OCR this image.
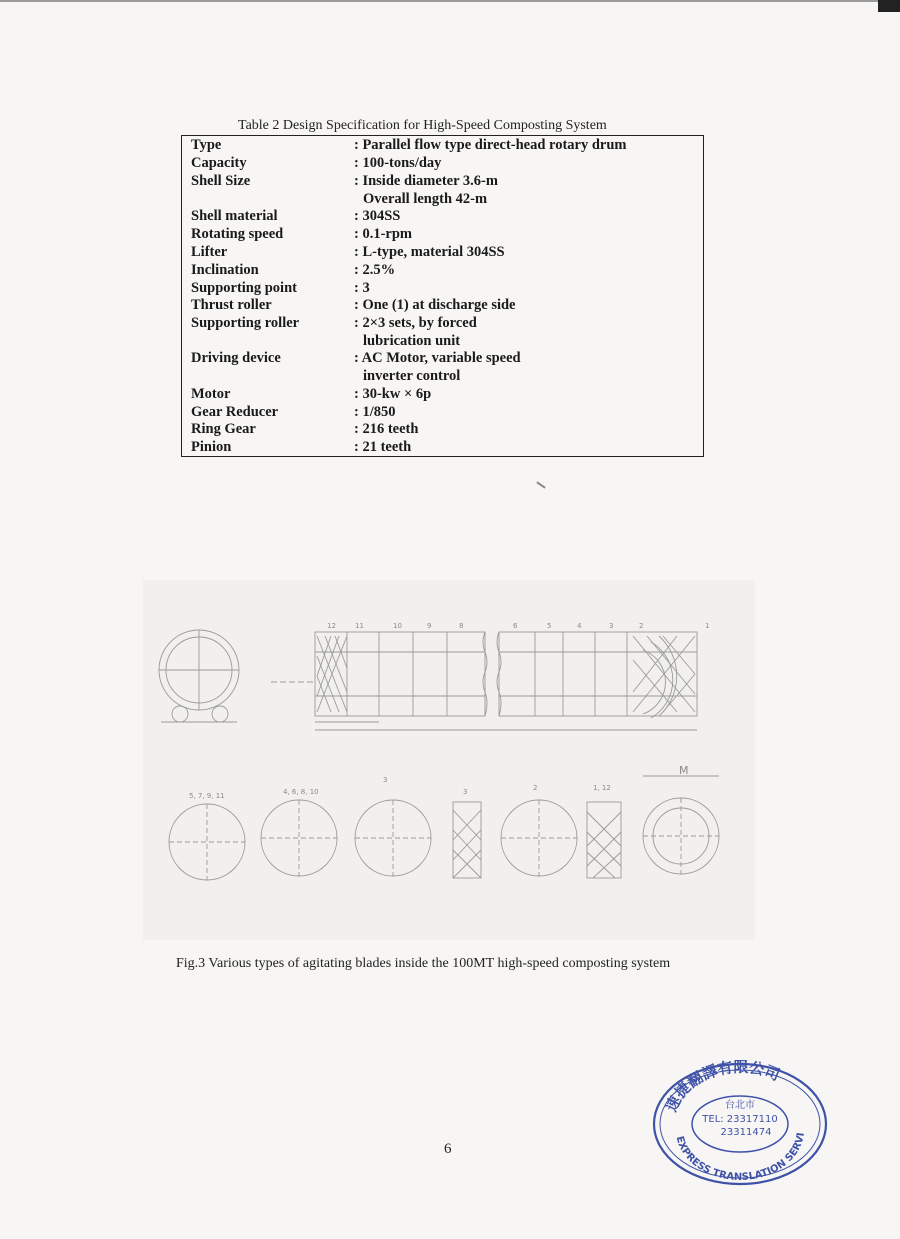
Table 2 Design Specification for High-Speed Composting System
Type	: Parallel flow type direct-head rotary drum
Capacity	: 100-tons/day
Shell Size	: Inside diameter 3.6-m
Overall length 42-m
Shell material	: 304SS
Rotating speed	: 0.1-rpm
Lifter	: L-type, material 304SS
Inclination	: 2.5%
Supporting point	: 3
Thrust roller	: One (1) at discharge side
Supporting roller	: 2×3 sets, by forced
lubrication unit
Driving device	: AC Motor, variable speed
inverter control
Motor	: 30-kw × 6p
Gear Reducer	: 1/850
Ring Gear	: 216 teeth
Pinion	: 21 teeth
12	11	10	9	8	6	5	4	3	2	1
5, 7, 9, 11	4, 6, 8, 10
3
3	2	1, 12
M
Fig.3 Various types of agitating blades inside the 100MT high-speed composting system
6
速捷翻譯有限公司
EXPRESS TRANSLATION SERVI
台北市
TEL: 23317110
23311474
